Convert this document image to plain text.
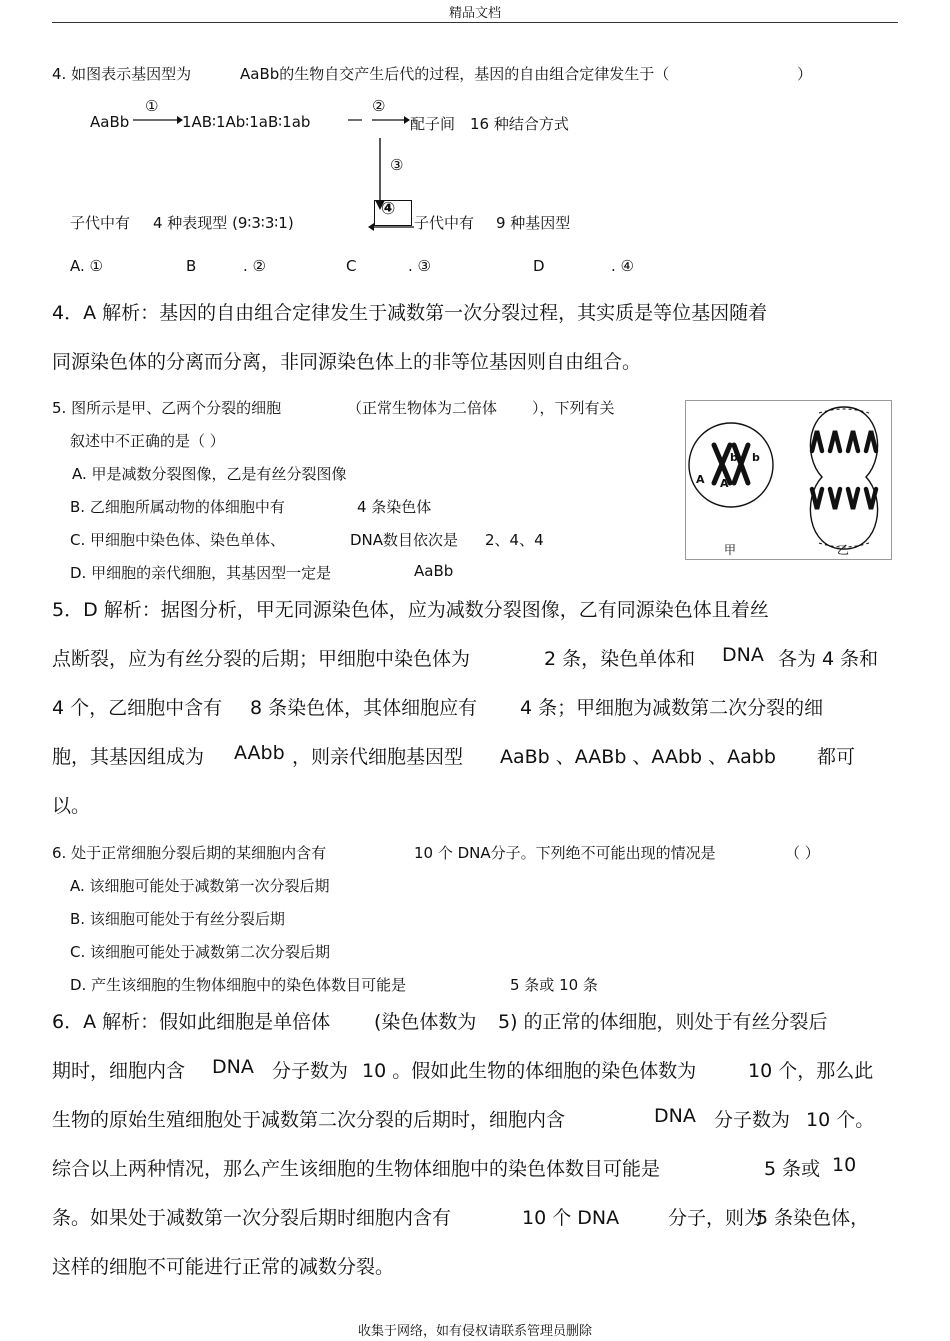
精品文档
4. 如图表示基因型为	AaBb的生物自交产生后代的过程，基因的自由组合定律发生于（	）
AaBb
①
1AB∶1Ab∶1aB∶1ab
②
配子间 16 种结合方式
③
④
子代中有 4 种表现型 (9∶3∶3∶1)	子代中有 9 种基因型
A. ①	B	. ②	C	. ③	D	. ④
4．A 解析：基因的自由组合定律发生于减数第一次分裂过程，其实质是等位基因随着
同源染色体的分离而分离，非同源染色体上的非等位基因则自由组合。
5. 图所示是甲、乙两个分裂的细胞	（正常生物体为二倍体 ），下列有关
叙述中不正确的是（ ）
A. 甲是减数分裂图像，乙是有丝分裂图像
B. 乙细胞所属动物的体细胞中有	4 条染色体
C. 甲细胞中染色体、染色单体、	DNA数目依次是 2、4、4
D. 甲细胞的亲代细胞，其基因型一定是	AaBb
A A
b b
甲	乙
5．D 解析：据图分析，甲无同源染色体，应为减数分裂图像，乙有同源染色体且着丝
点断裂，应为有丝分裂的后期；甲细胞中染色体为	2 条，染色单体和 DNA 各为 4 条和
4 个，乙细胞中含有 8 条染色体，其体细胞应有 4 条；甲细胞为减数第二次分裂的细
胞，其基因组成为 AAbb ，则亲代细胞基因型 AaBb 、AABb 、AAbb 、Aabb 都可
以。
6. 处于正常细胞分裂后期的某细胞内含有	10 个 DNA分子。下列绝不可能出现的情况是	（ ）
A. 该细胞可能处于减数第一次分裂后期
B. 该细胞可能处于有丝分裂后期
C. 该细胞可能处于减数第二次分裂后期
D. 产生该细胞的生物体细胞中的染色体数目可能是	5 条或 10 条
6．A 解析：假如此细胞是单倍体 (染色体数为 5) 的正常的体细胞，则处于有丝分裂后
期时，细胞内含 DNA 分子数为 10 。假如此生物的体细胞的染色体数为	10 个，那么此
生物的原始生殖细胞处于减数第二次分裂的后期时，细胞内含	DNA 分子数为 10 个。
综合以上两种情况，那么产生该细胞的生物体细胞中的染色体数目可能是	5 条或 10
条。如果处于减数第一次分裂后期时细胞内含有	10 个 DNA	分子，则为
5 条染色体，
这样的细胞不可能进行正常的减数分裂。
收集于网络，如有侵权请联系管理员删除
